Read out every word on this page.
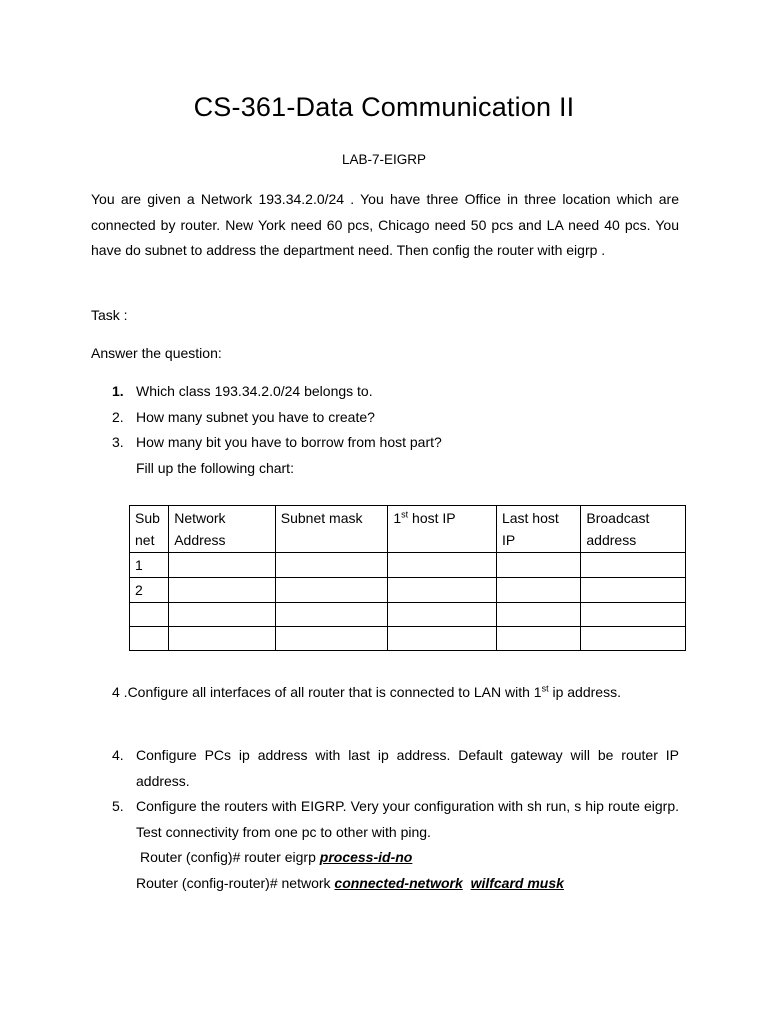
CS-361-Data Communication II
LAB-7-EIGRP
You are given a Network 193.34.2.0/24 . You have three Office in three location which are connected by router. New York need 60 pcs, Chicago need 50 pcs and LA need 40 pcs. You have do subnet to address the department need. Then config the router with eigrp .
Task :
Answer the question:
1. Which class 193.34.2.0/24 belongs to.
2. How many subnet you have to create?
3. How many bit you have to borrow from host part?
Fill up the following chart:
Sub net	Network Address	Subnet mask	1st host IP	Last host IP	Broadcast address
1					
2					

4 .Configure all interfaces of all router that is connected to LAN with 1st ip address.
4. Configure PCs ip address with last ip address. Default gateway will be router IP address.
5. Configure the routers with EIGRP. Very your configuration with sh run, s hip route eigrp. Test connectivity from one pc to other with ping.
Router (config)# router eigrp process-id-no
Router (config-router)# network connected-network wilfcard musk
